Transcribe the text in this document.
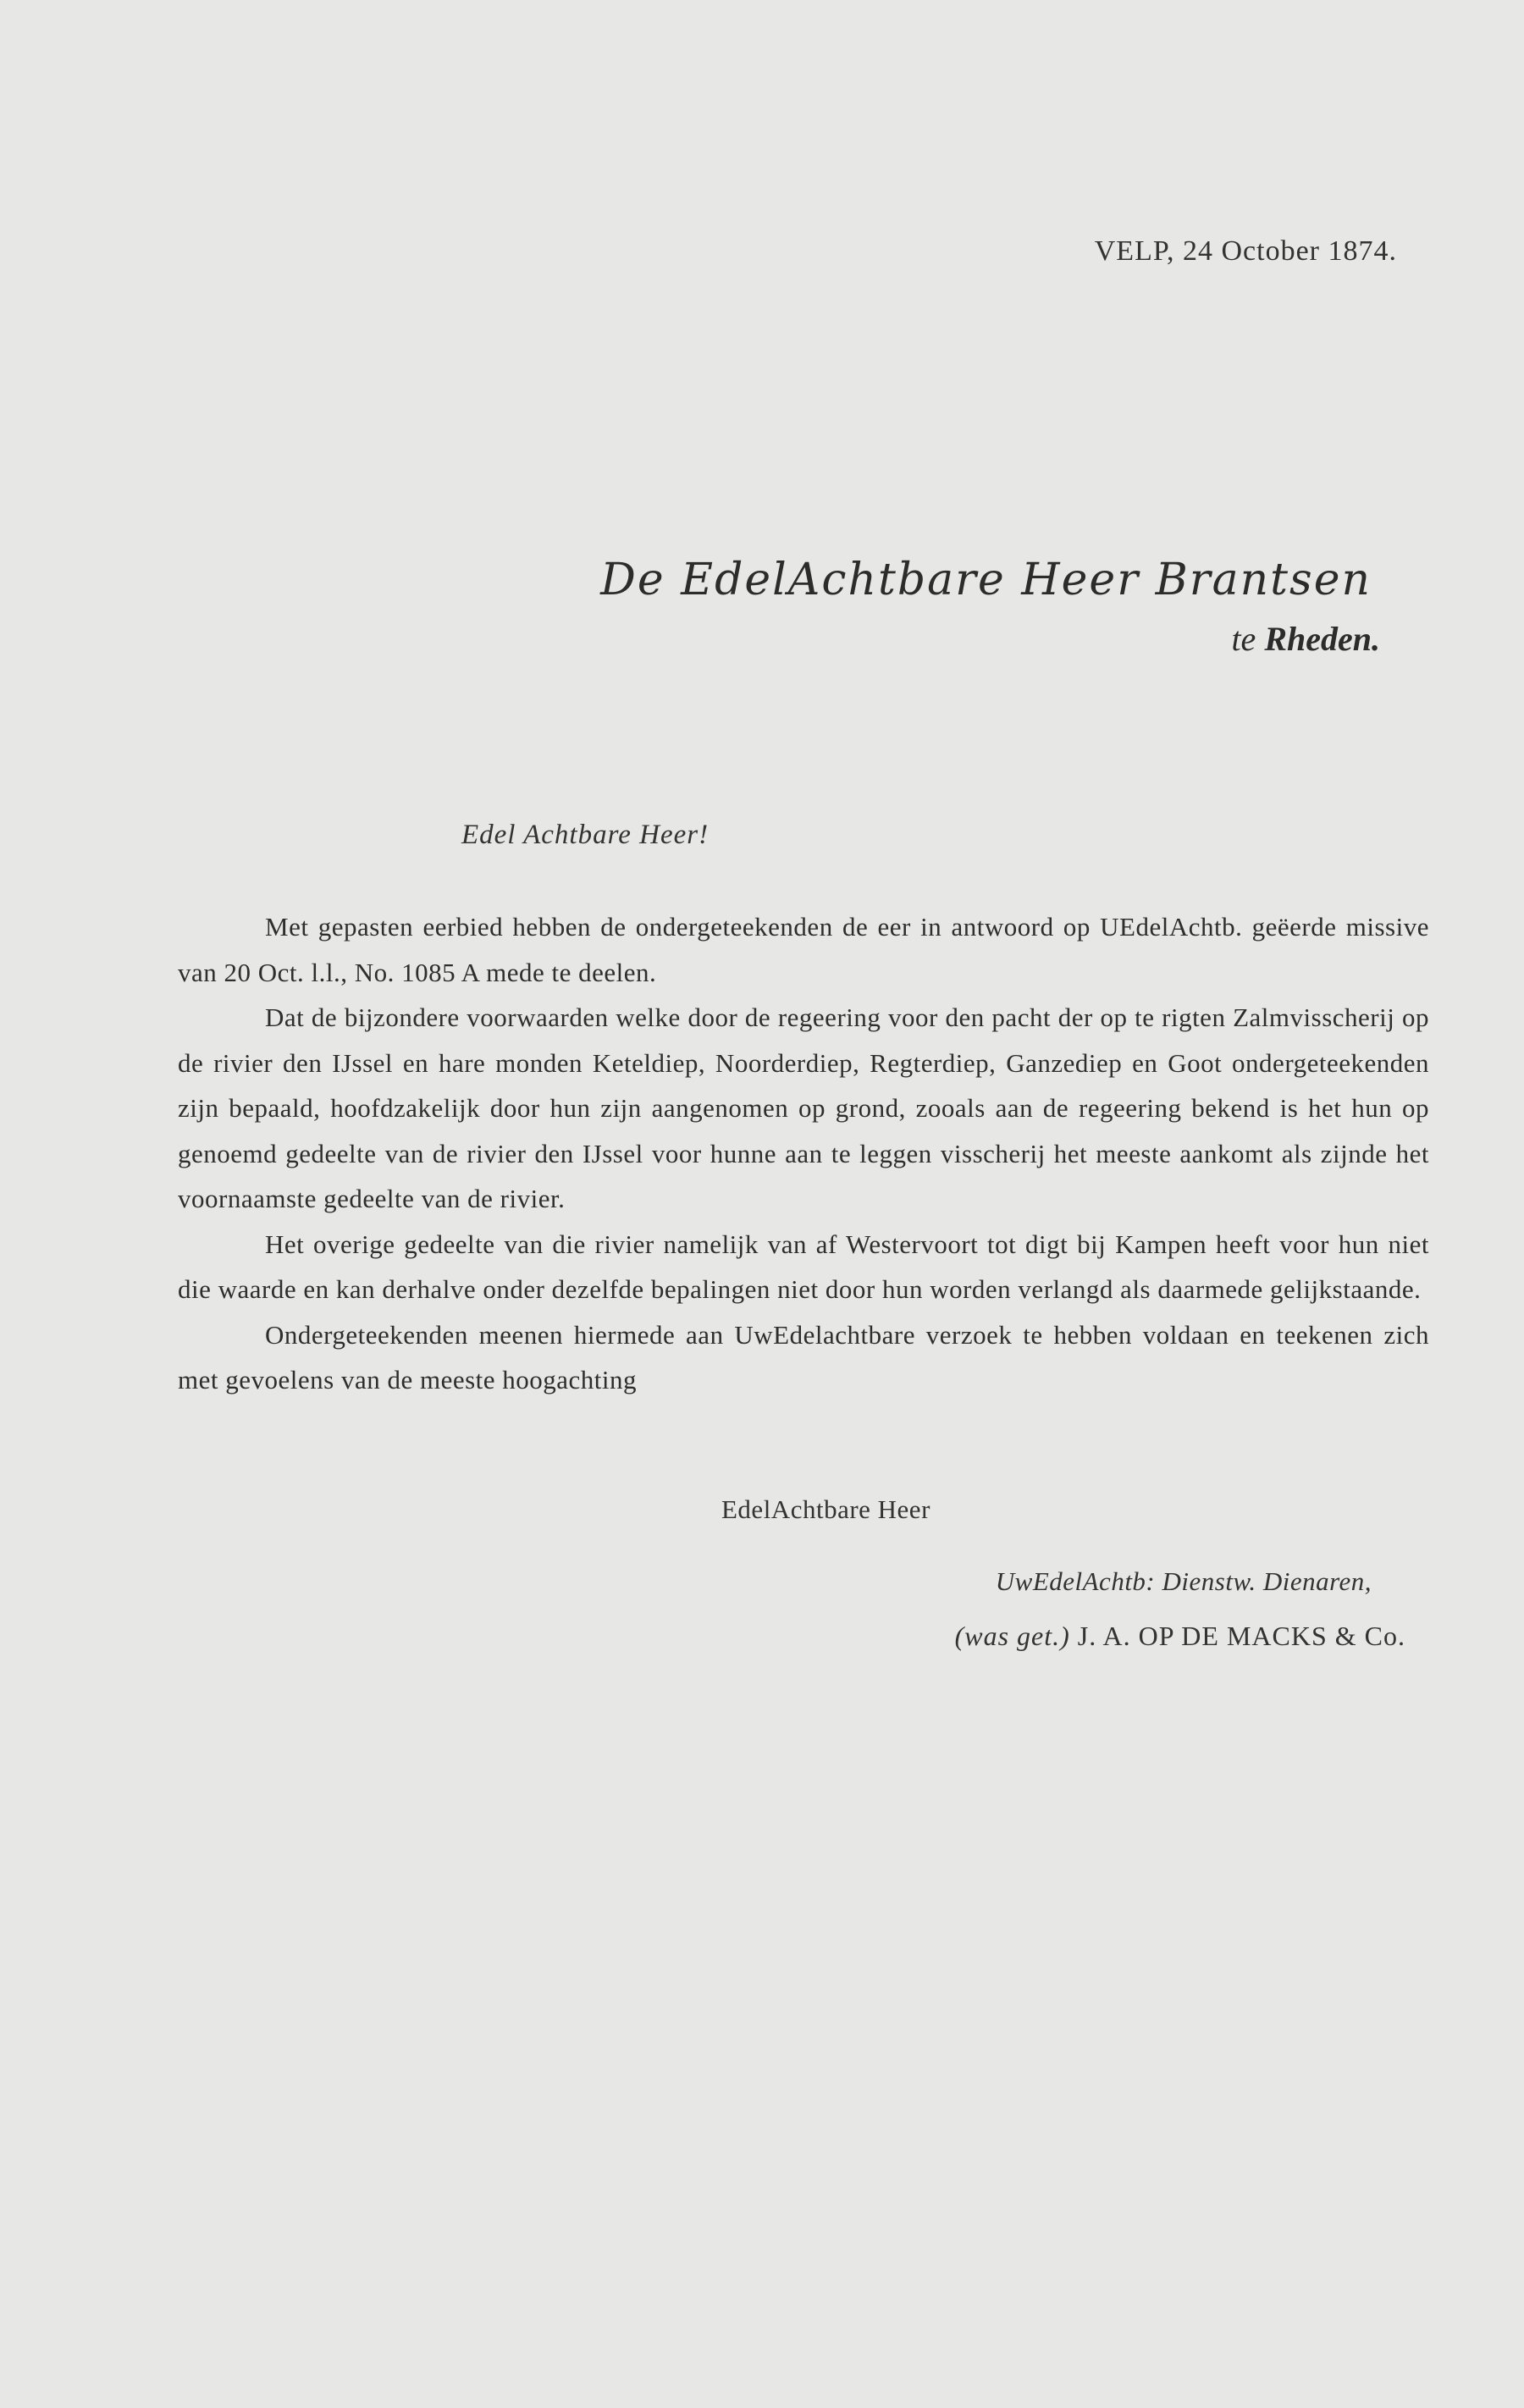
VELP, 24 October 1874.
De EdelAchtbare Heer Brantsen
te Rheden.
Edel Achtbare Heer!

Met gepasten eerbied hebben de ondergeteekenden de eer in antwoord op UEdelAchtb. geëerde missive van 20 Oct. l.l., No. 1085 A mede te deelen.

Dat de bijzondere voorwaarden welke door de regeering voor den pacht der op te rigten Zalmvisscherij op de rivier den IJssel en hare monden Keteldiep, Noorderdiep, Regterdiep, Ganzediep en Goot ondergeteekenden zijn bepaald, hoofdzakelijk door hun zijn aangenomen op grond, zooals aan de regeering bekend is het hun op genoemd gedeelte van de rivier den IJssel voor hunne aan te leggen visscherij het meeste aankomt als zijnde het voornaamste gedeelte van de rivier.

Het overige gedeelte van die rivier namelijk van af Westervoort tot digt bij Kampen heeft voor hun niet die waarde en kan derhalve onder dezelfde bepalingen niet door hun worden verlangd als daarmede gelijkstaande.

Ondergeteekenden meenen hiermede aan UwEdelachtbare verzoek te hebben voldaan en teekenen zich met gevoelens van de meeste hoogachting

EdelAchtbare Heer
UwEdelAchtb: Dienstw. Dienaren,
(was get.) J. A. OP DE MACKS & Co.
